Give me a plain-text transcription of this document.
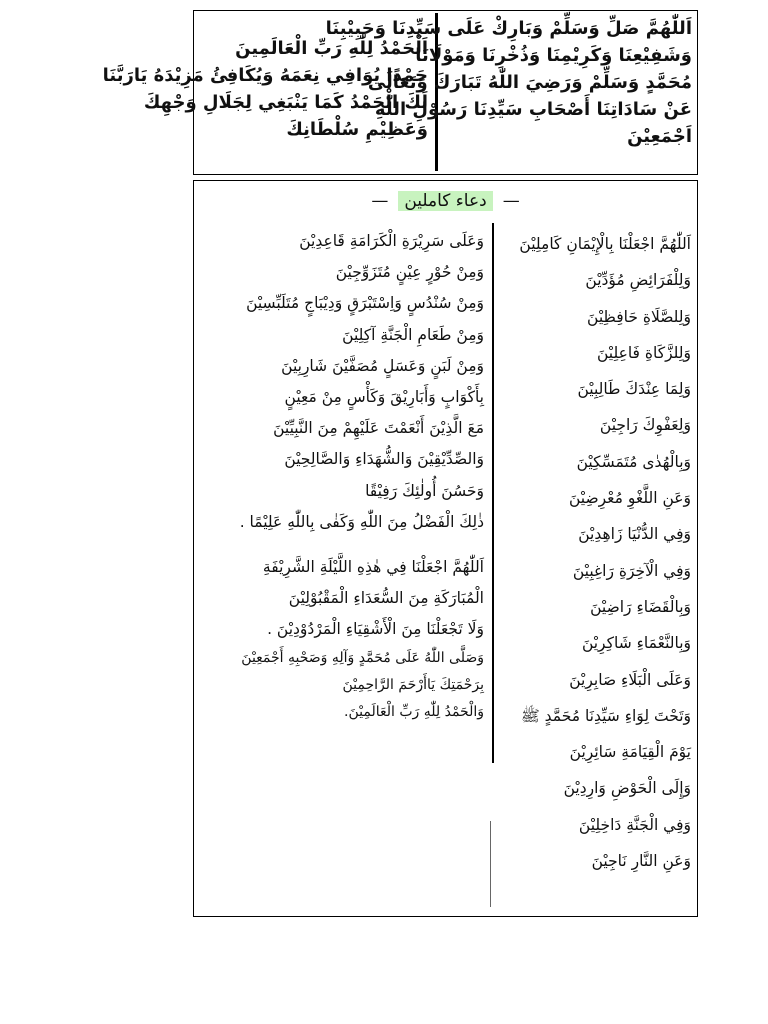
اَلْحَمْدُ لِلّٰهِ رَبِّ الْعَالَمِينَ
حَمْدًا يُوَافِي نِعَمَهُ وَيُكَافِئُ مَزِيْدَهُ يَارَبَّنَا
لَكَ الْحَمْدُ كَمَا يَنْبَغِي لِجَلَالِ وَجْهِكَ
وَعَظِيْمِ سُلْطَانِكَ
اَللّٰهُمَّ صَلِّ وَسَلِّمْ وَبَارِكْ عَلَى سَيِّدِنَا وَحَبِيْبِنَا
وَشَفِيْعِنَا وَكَرِيْمِنَا وَذُخْرِنَا وَمَوْلَانَا
مُحَمَّدٍ وَسَلِّمْ وَرَضِيَ اللّٰهُ تَبَارَكَ وَتَعَالَى
عَنْ سَادَاتِنَا أَصْحَابِ سَيِّدِنَا رَسُوْلِ اللّٰهِ
اَجْمَعِيْنَ
—دعاء كاملين—
اَللّٰهُمَّ اجْعَلْنَا بِالْإِيْمَانِ كَامِلِيْنَ
وَلِلْفَرَائِضِ مُؤَدِّيْنَ
وَلِلصَّلَاةِ حَافِظِيْنَ
وَلِلزَّكَاةِ فَاعِلِيْنَ
وَلِمَا عِنْدَكَ طَالِبِيْنَ
وَلِعَفْوِكَ رَاجِيْنَ
وَبِالْهُدٰى مُتَمَسِّكِيْنَ
وَعَنِ اللَّغْوِ مُعْرِضِيْنَ
وَفِي الدُّنْيَا زَاهِدِيْنَ
وَفِي الْآخِرَةِ رَاغِبِيْنَ
وَبِالْقَضَاءِ رَاضِيْنَ
وَبِالنَّعْمَاءِ شَاكِرِيْنَ
وَعَلَى الْبَلَاءِ صَابِرِيْنَ
وَتَحْتَ لِوَاءِ سَيِّدِنَا مُحَمَّدٍ ﷺ
يَوْمَ الْقِيَامَةِ سَائِرِيْنَ
وَإِلَى الْحَوْضِ وَارِدِيْنَ
وَفِي الْجَنَّةِ دَاخِلِيْنَ
وَعَنِ النَّارِ نَاجِيْنَ
وَعَلَى سَرِيْرَةِ الْكَرَامَةِ قَاعِدِيْنَ
وَمِنْ حُوْرٍ عِيْنٍ مُتَزَوِّجِيْنَ
وَمِنْ سُنْدُسٍ وَاِسْتَبْرَقٍ وَدِيْبَاجٍ مُتَلَبِّسِيْنَ
وَمِنْ طَعَامِ الْجَنَّةِ آكِلِيْنَ
وَمِنْ لَبَنٍ وَعَسَلٍ مُصَفَّيْنَ شَارِبِيْنَ
بِأَكْوَابٍ وَأَبَارِيْقَ وَكَأْسٍ مِنْ مَعِيْنٍ
مَعَ الَّذِيْنَ أَنْعَمْتَ عَلَيْهِمْ مِنَ النَّبِيِّيْنَ
وَالصِّدِّيْقِيْنَ وَالشُّهَدَاءِ وَالصَّالِحِيْنَ
وَحَسُنَ أُولٰئِكَ رَفِيْقًا
ذٰلِكَ الْفَضْلُ مِنَ اللّٰهِ وَكَفٰى بِاللّٰهِ عَلِيْمًا .
اَللّٰهُمَّ اجْعَلْنَا فِي هٰذِهِ اللَّيْلَةِ الشَّرِيْفَةِ
الْمُبَارَكَةِ مِنَ السُّعَدَاءِ الْمَقْبُوْلِيْنَ
وَلَا تَجْعَلْنَا مِنَ الْأَشْقِيَاءِ الْمَرْدُوْدِيْنَ .
وَصَلَّى اللّٰهُ عَلَى مُحَمَّدٍ وَآلِهِ وَصَحْبِهِ أَجْمَعِيْنَ
بِرَحْمَتِكَ يَاأَرْحَمَ الرَّاحِمِيْنَ
وَالْحَمْدُ لِلّٰهِ رَبِّ الْعَالَمِيْنَ.
